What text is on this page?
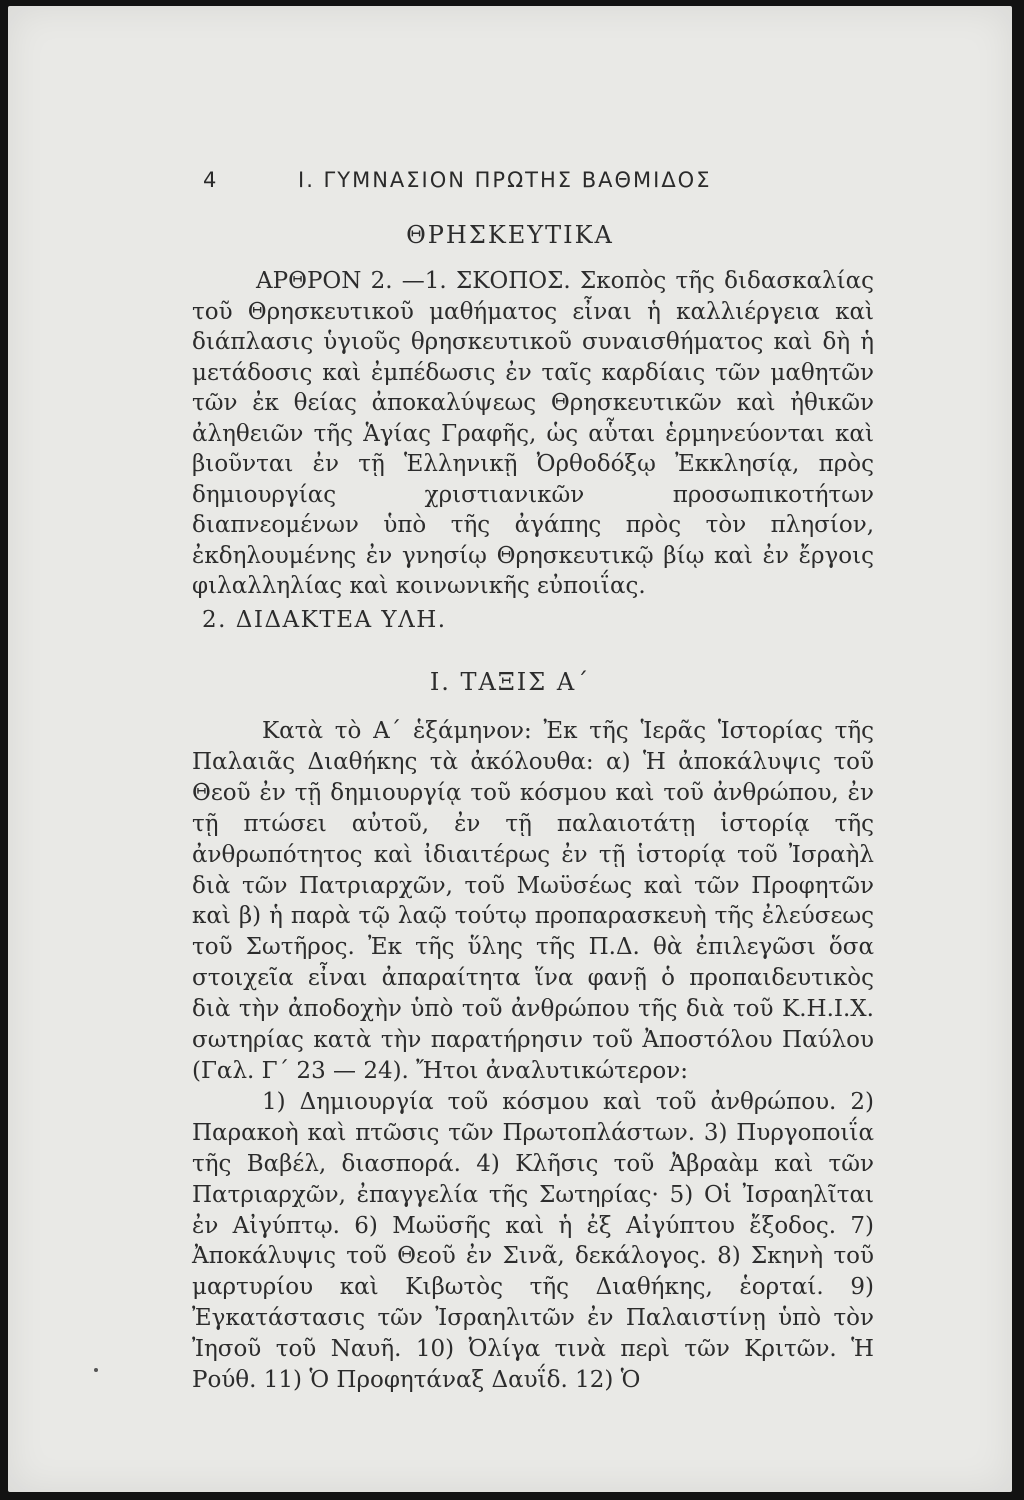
4	Ι. ΓΥΜΝΑΣΙΟΝ ΠΡΩΤΗΣ ΒΑΘΜΙΔΟΣ
ΘΡΗΣΚΕΥΤΙΚΑ

ΑΡΘΡΟΝ 2. —1. ΣΚΟΠΟΣ. Σκοπὸς τῆς διδασκαλίας τοῦ Θρησκευτικοῦ μαθήματος εἶναι ἡ καλλιέργεια καὶ διάπλασις ὑγιοῦς θρησκευτικοῦ συναισθήματος καὶ δὴ ἡ μετάδοσις καὶ ἐμπέδωσις ἐν ταῖς καρδίαις τῶν μαθητῶν τῶν ἐκ θείας ἀποκαλύψεως Θρησκευτικῶν καὶ ἠθικῶν ἀληθειῶν τῆς Ἁγίας Γραφῆς, ὡς αὗται ἑρμηνεύονται καὶ βιοῦνται ἐν τῇ Ἑλληνικῇ Ὀρθοδόξῳ Ἐκκλησίᾳ, πρὸς δημιουργίας χριστιανικῶν προσωπικοτήτων διαπνεομένων ὑπὸ τῆς ἀγάπης πρὸς τὸν πλησίον, ἐκδηλουμένης ἐν γνησίῳ Θρησκευτικῷ βίῳ καὶ ἐν ἔργοις φιλαλληλίας καὶ κοινωνικῆς εὐποιΐας.

2. ΔΙΔΑΚΤΕΑ ΥΛΗ.
Ι. ΤΑΞΙΣ Α΄

Κατὰ τὸ Α΄ ἑξάμηνον: Ἐκ τῆς Ἱερᾶς Ἱστορίας τῆς Παλαιᾶς Διαθήκης τὰ ἀκόλουθα: α) Ἡ ἀποκάλυψις τοῦ Θεοῦ ἐν τῇ δημιουργίᾳ τοῦ κόσμου καὶ τοῦ ἀνθρώπου, ἐν τῇ πτώσει αὐτοῦ, ἐν τῇ παλαιοτάτῃ ἱστορίᾳ τῆς ἀνθρωπότητος καὶ ἰδιαιτέρως ἐν τῇ ἱστορίᾳ τοῦ Ἰσραὴλ διὰ τῶν Πατριαρχῶν, τοῦ Μωϋσέως καὶ τῶν Προφητῶν καὶ β) ἡ παρὰ τῷ λαῷ τούτῳ προπαρασκευὴ τῆς ἐλεύσεως τοῦ Σωτῆρος. Ἐκ τῆς ὕλης τῆς Π.Δ. θὰ ἐπιλεγῶσι ὅσα στοιχεῖα εἶναι ἀπαραίτητα ἵνα φανῇ ὁ προπαιδευτικὸς διὰ τὴν ἀποδοχὴν ὑπὸ τοῦ ἀνθρώπου τῆς διὰ τοῦ Κ.Η.Ι.Χ. σωτηρίας κατὰ τὴν παρατήρησιν τοῦ Ἀποστόλου Παύλου (Γαλ. Γ΄ 23 — 24). Ἤτοι ἀναλυτικώτερον:

1) Δημιουργία τοῦ κόσμου καὶ τοῦ ἀνθρώπου. 2) Παρακοὴ καὶ πτῶσις τῶν Πρωτοπλάστων. 3) Πυργοποιΐα τῆς Βαβέλ, διασπορά. 4) Κλῆσις τοῦ Ἀβραὰμ καὶ τῶν Πατριαρχῶν, ἐπαγγελία τῆς Σωτηρίας· 5) Οἱ Ἰσραηλῖται ἐν Αἰγύπτῳ. 6) Μωϋσῆς καὶ ἡ ἐξ Αἰγύπτου ἔξοδος. 7) Ἀποκάλυψις τοῦ Θεοῦ ἐν Σινᾶ, δεκάλογος. 8) Σκηνὴ τοῦ μαρτυρίου καὶ Κιβωτὸς τῆς Διαθήκης, ἑορταί. 9) Ἐγκατάστασις τῶν Ἰσραηλιτῶν ἐν Παλαιστίνῃ ὑπὸ τὸν Ἰησοῦ τοῦ Ναυῆ. 10) Ὀλίγα τινὰ περὶ τῶν Κριτῶν. Ἡ Ρούθ. 11) Ὁ Προφητάναξ Δαυΐδ. 12) Ὁ
